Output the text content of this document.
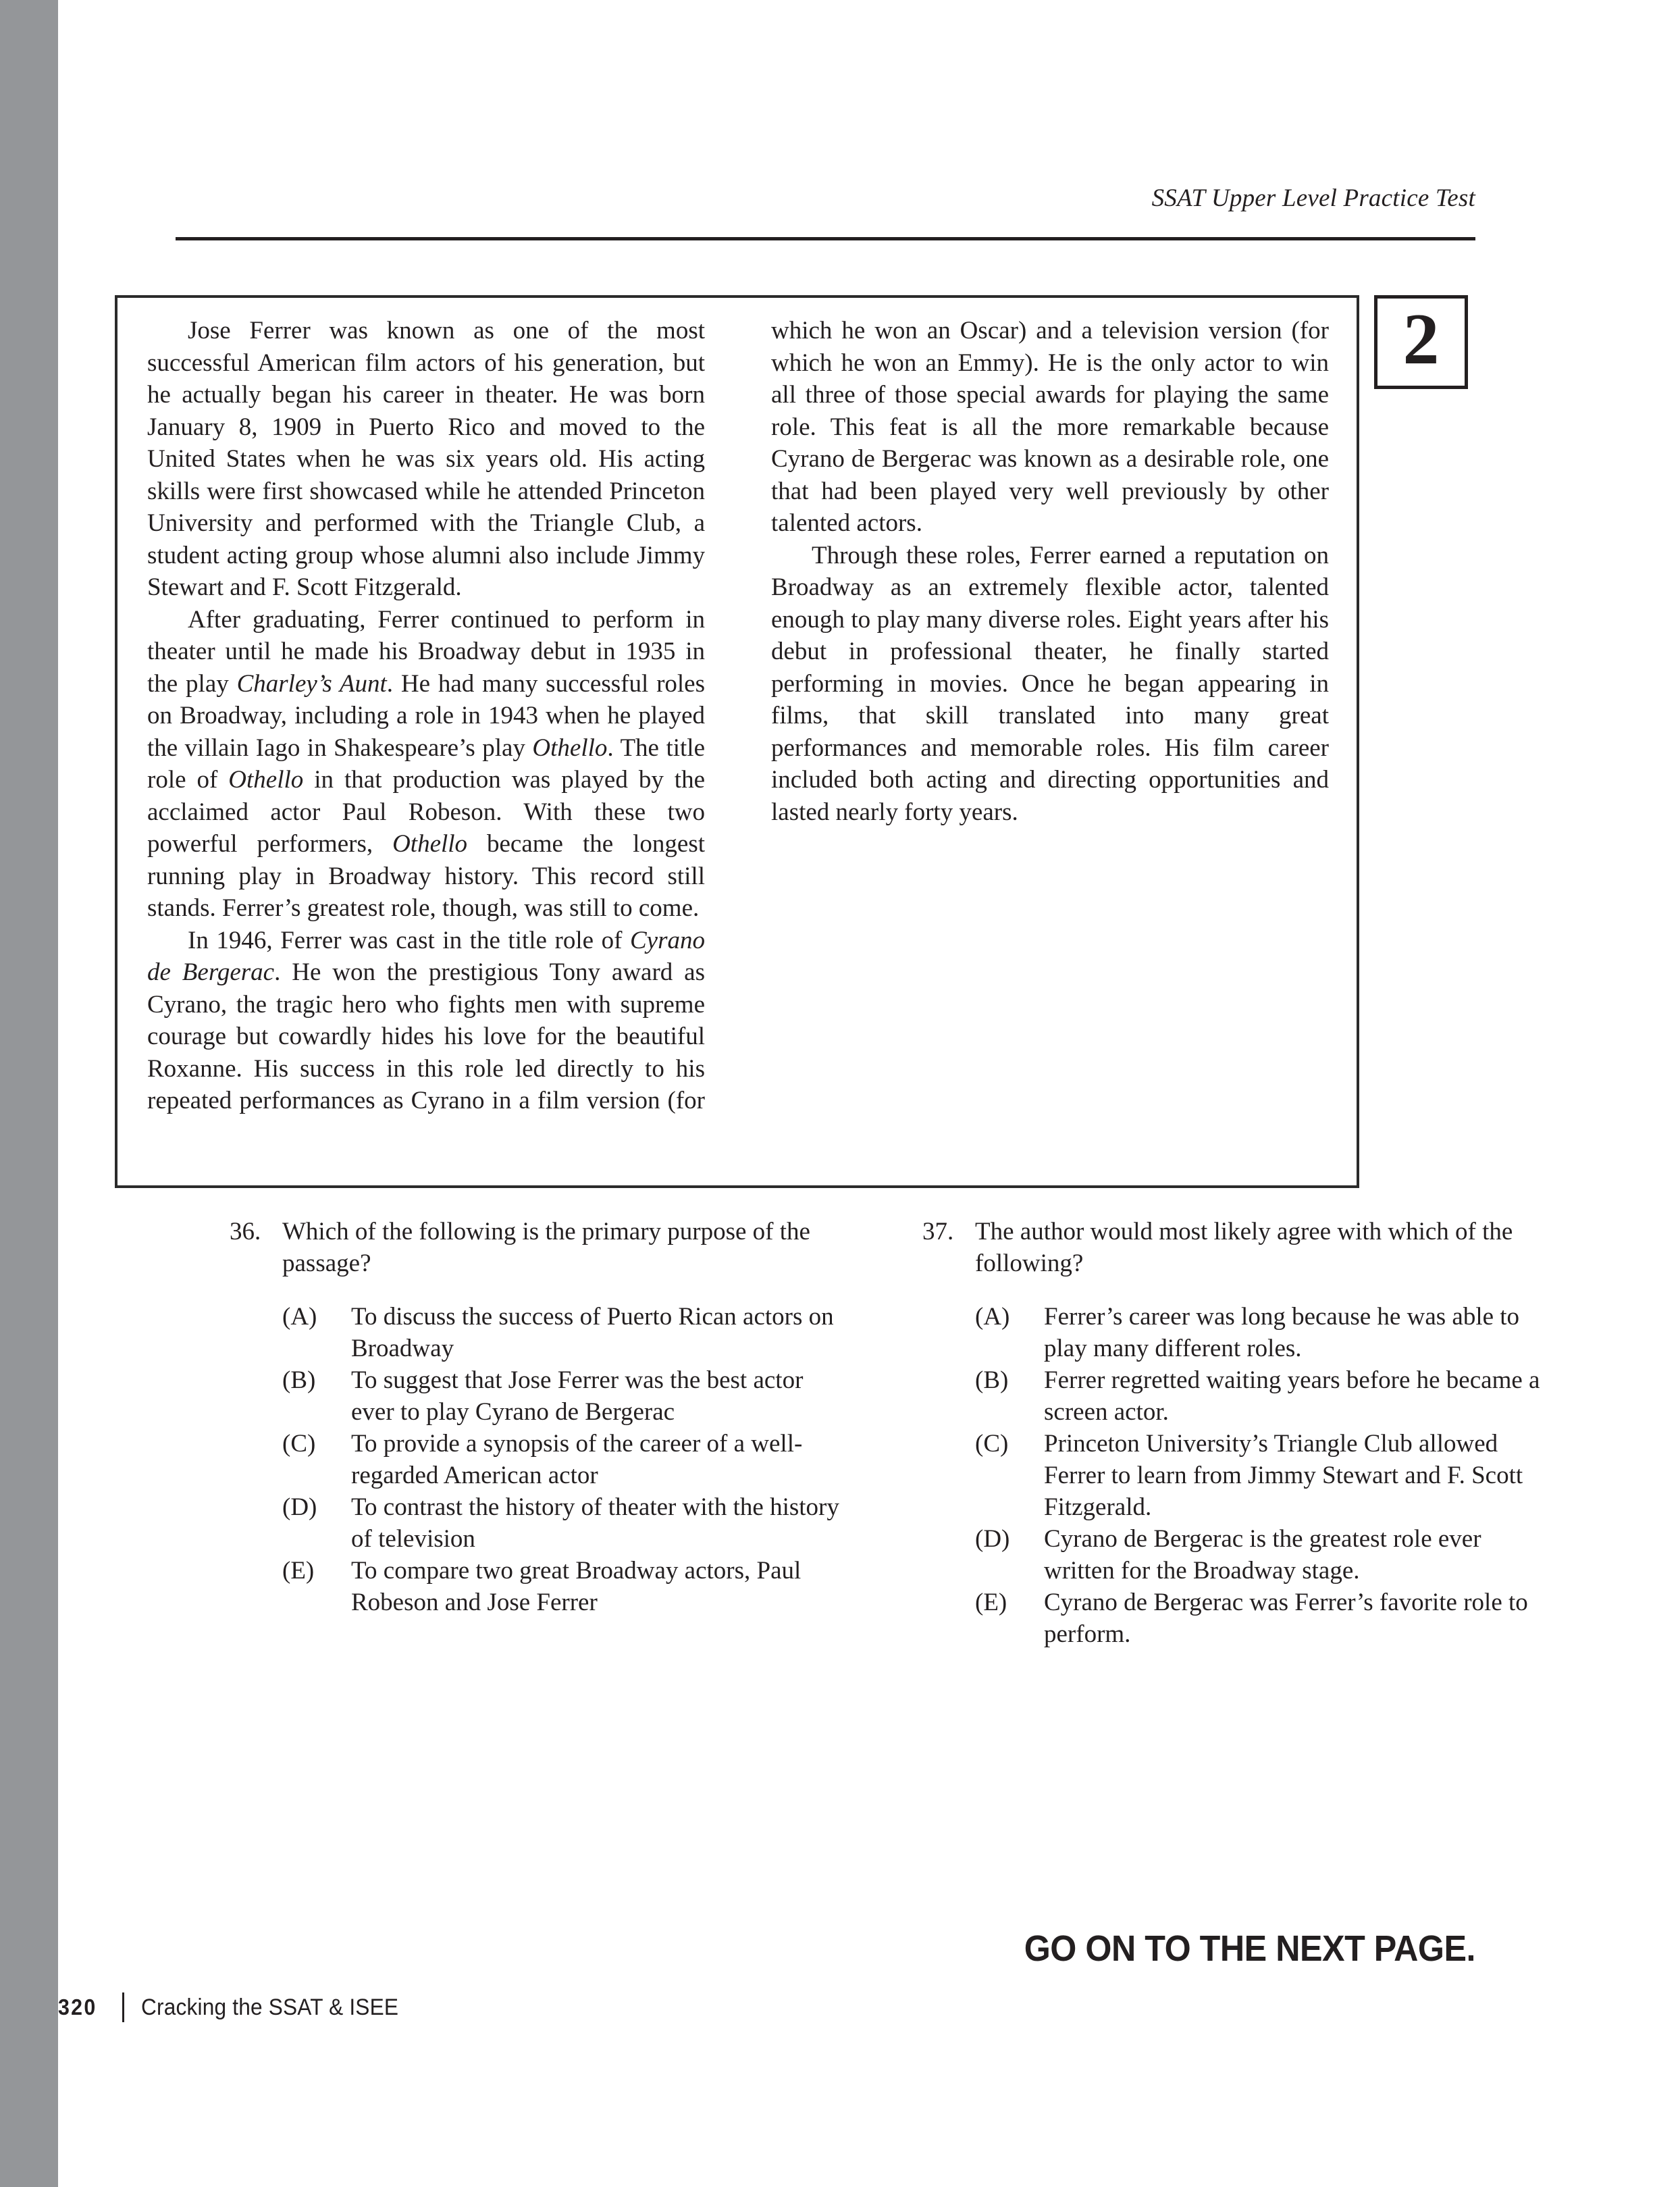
SSAT Upper Level Practice Test
2

Jose Ferrer was known as one of the most successful American film actors of his generation, but he actually began his career in theater. He was born January 8, 1909 in Puerto Rico and moved to the United States when he was six years old. His acting skills were first showcased while he attended Princeton University and performed with the Triangle Club, a student acting group whose alumni also include Jimmy Stewart and F. Scott Fitzgerald.

After graduating, Ferrer continued to perform in theater until he made his Broadway debut in 1935 in the play Charley’s Aunt. He had many successful roles on Broadway, including a role in 1943 when he played the villain Iago in Shakespeare’s play Othello. The title role of Othello in that production was played by the acclaimed actor Paul Robeson. With these two powerful performers, Othello became the longest running play in Broadway history. This record still stands. Ferrer’s greatest role, though, was still to come.

In 1946, Ferrer was cast in the title role of Cyrano de Bergerac. He won the prestigious Tony award as Cyrano, the tragic hero who fights men with supreme courage but cowardly hides his love for the beautiful Roxanne. His success in this role led directly to his repeated performances as Cyrano in a film version (for which he won an Oscar) and a television version (for which he won an Emmy). He is the only actor to win all three of those special awards for playing the same role. This feat is all the more remarkable because Cyrano de Bergerac was known as a desirable role, one that had been played very well previously by other talented actors.

Through these roles, Ferrer earned a reputation on Broadway as an extremely flexible actor, talented enough to play many diverse roles. Eight years after his debut in professional theater, he finally started performing in movies. Once he began appearing in films, that skill translated into many great performances and memorable roles. His film career included both acting and directing opportunities and lasted nearly forty years.

36. Which of the following is the primary purpose of the passage?
(A)	To discuss the success of Puerto Rican actors on Broadway
(B)	To suggest that Jose Ferrer was the best actor ever to play Cyrano de Bergerac
(C)	To provide a synopsis of the career of a well-regarded American actor
(D)	To contrast the history of theater with the history of television
(E)	To compare two great Broadway actors, Paul Robeson and Jose Ferrer
37. The author would most likely agree with which of the following?
(A)	Ferrer’s career was long because he was able to play many different roles.
(B)	Ferrer regretted waiting years before he became a screen actor.
(C)	Princeton University’s Triangle Club allowed Ferrer to learn from Jimmy Stewart and F. Scott Fitzgerald.
(D)	Cyrano de Bergerac is the greatest role ever written for the Broadway stage.
(E)	Cyrano de Bergerac was Ferrer’s favorite role to perform.
GO ON TO THE NEXT PAGE.
320 Cracking the SSAT & ISEE
